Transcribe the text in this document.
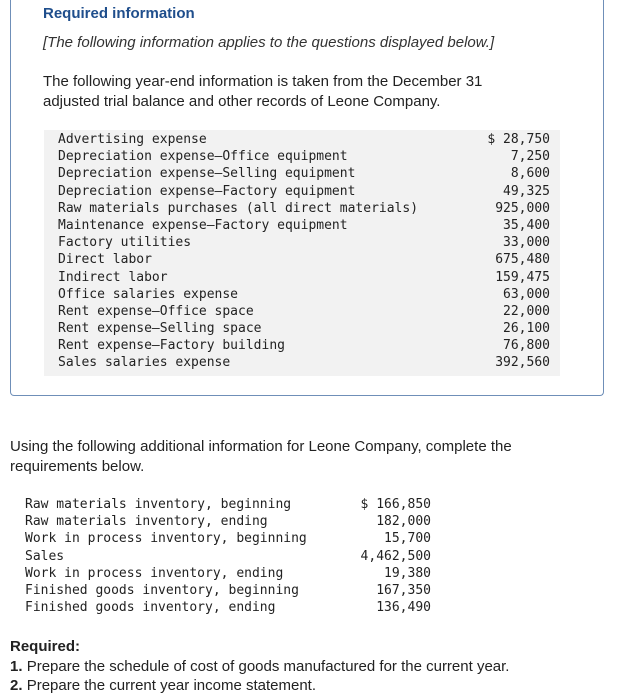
Required information

[The following information applies to the questions displayed below.]

The following year-end information is taken from the December 31 adjusted trial balance and other records of Leone Company.

Advertising expense	$ 28,750
Depreciation expense—Office equipment	7,250
Depreciation expense—Selling equipment	8,600
Depreciation expense—Factory equipment	49,325
Raw materials purchases (all direct materials)	925,000
Maintenance expense—Factory equipment	35,400
Factory utilities	33,000
Direct labor	675,480
Indirect labor	159,475
Office salaries expense	63,000
Rent expense—Office space	22,000
Rent expense—Selling space	26,100
Rent expense—Factory building	76,800
Sales salaries expense	392,560

Using the following additional information for Leone Company, complete the requirements below.

Raw materials inventory, beginning	$ 166,850
Raw materials inventory, ending	182,000
Work in process inventory, beginning	15,700
Sales	4,462,500
Work in process inventory, ending	19,380
Finished goods inventory, beginning	167,350
Finished goods inventory, ending	136,490
Required:
1. Prepare the schedule of cost of goods manufactured for the current year.
2. Prepare the current year income statement.
